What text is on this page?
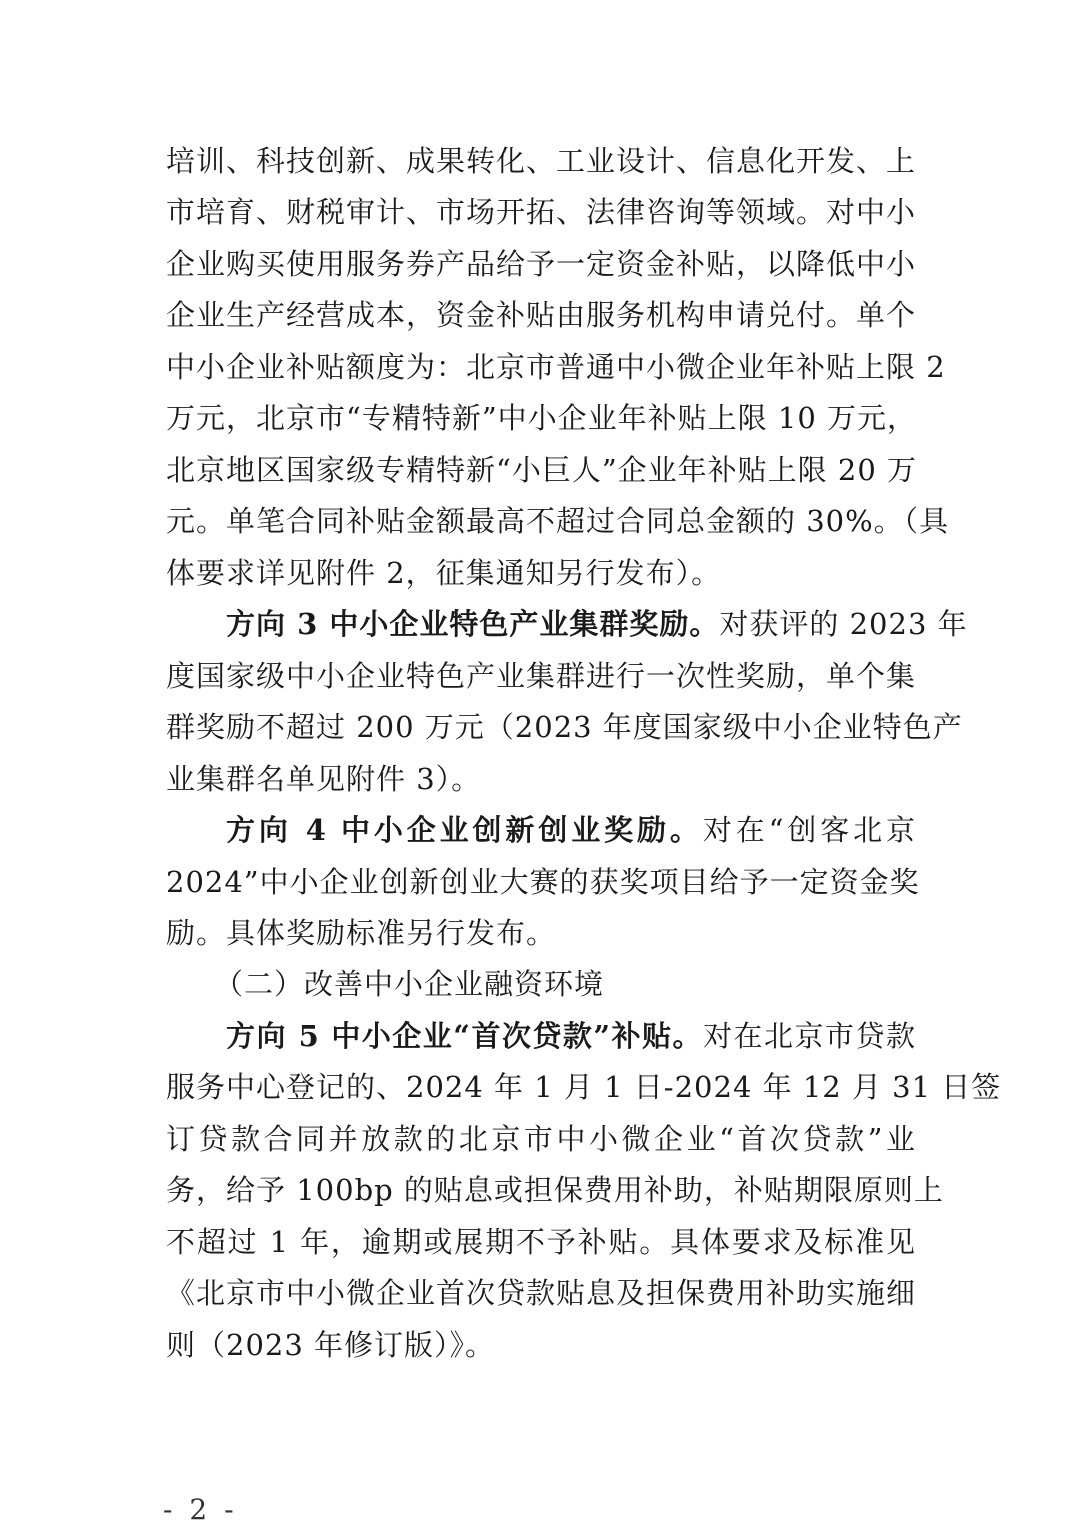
培训、科技创新、成果转化、工业设计、信息化开发、上
市培育、财税审计、市场开拓、法律咨询等领域。对中小
企业购买使用服务券产品给予一定资金补贴，以降低中小
企业生产经营成本，资金补贴由服务机构申请兑付。单个
中小企业补贴额度为：北京市普通中小微企业年补贴上限 2
万元，北京市“专精特新”中小企业年补贴上限 10 万元，
北京地区国家级专精特新“小巨人”企业年补贴上限 20 万
元。单笔合同补贴金额最高不超过合同总金额的 30%。（具
体要求详见附件 2，征集通知另行发布）。
方向 3 中小企业特色产业集群奖励。对获评的 2023 年
度国家级中小企业特色产业集群进行一次性奖励，单个集
群奖励不超过 200 万元（2023 年度国家级中小企业特色产
业集群名单见附件 3）。
方向 4 中小企业创新创业奖励。对在“创客北京
2024”中小企业创新创业大赛的获奖项目给予一定资金奖
励。具体奖励标准另行发布。
（二）改善中小企业融资环境
方向 5 中小企业“首次贷款”补贴。对在北京市贷款
服务中心登记的、2024 年 1 月 1 日-2024 年 12 月 31 日签
订贷款合同并放款的北京市中小微企业“首次贷款”业
务，给予 100bp 的贴息或担保费用补助，补贴期限原则上
不超过 1 年，逾期或展期不予补贴。具体要求及标准见
《北京市中小微企业首次贷款贴息及担保费用补助实施细
则（2023 年修订版）》。
- 2 -
